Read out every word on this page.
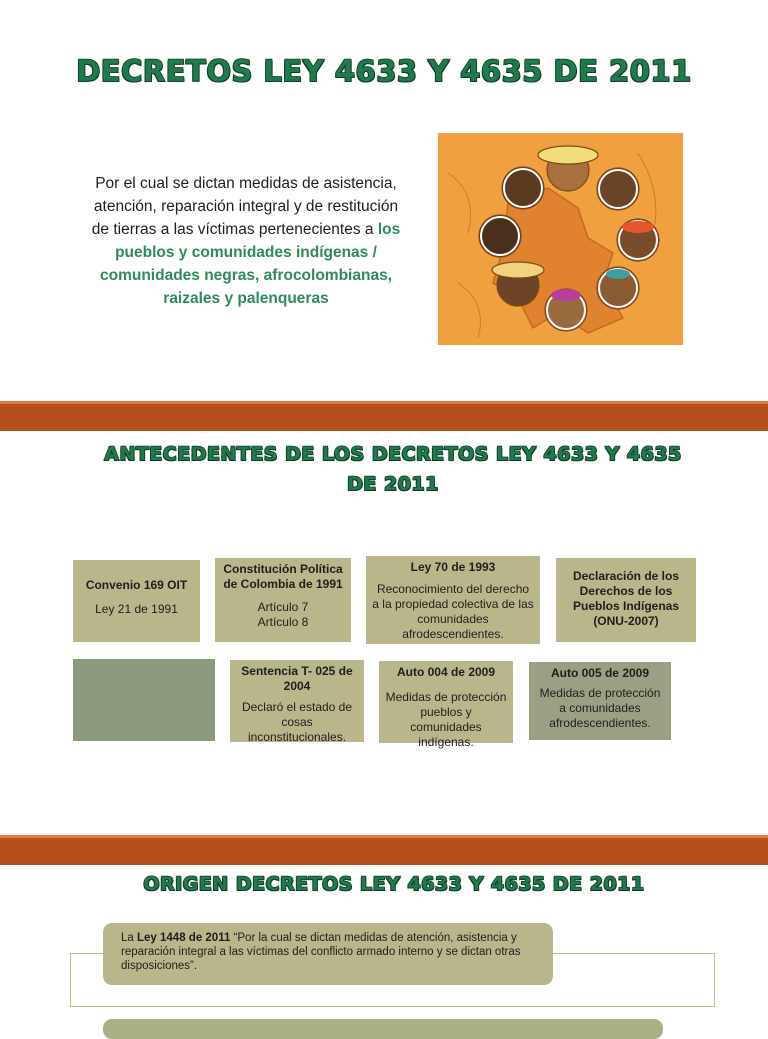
DECRETOS LEY 4633 Y 4635 DE 2011
Por el cual se dictan medidas de asistencia, atención, reparación integral y de restitución de tierras a las víctimas pertenecientes a los pueblos y comunidades indígenas / comunidades negras, afrocolombianas, raizales y palenqueras
ANTECEDENTES DE LOS DECRETOS LEY 4633 Y 4635 DE 2011
Convenio 169 OIT
Ley 21 de 1991
Constitución Política de Colombia de 1991
Artículo 7
Artículo 8
Ley 70 de 1993
Reconocimiento del derecho a la propiedad colectiva de las comunidades afrodescendientes.
Declaración de los Derechos de los Pueblos Indígenas (ONU-2007)
Sentencia T- 025 de 2004
Declaró el estado de cosas inconstitucionales.
Auto 004 de 2009
Medidas de protección pueblos y comunidades indígenas.
Auto 005 de 2009
Medidas de protección a comunidades afrodescendientes.
ORIGEN DECRETOS LEY 4633 Y 4635 DE 2011
La Ley 1448 de 2011 “Por la cual se dictan medidas de atención, asistencia y reparación integral a las víctimas del conflicto armado interno y se dictan otras disposiciones”.
